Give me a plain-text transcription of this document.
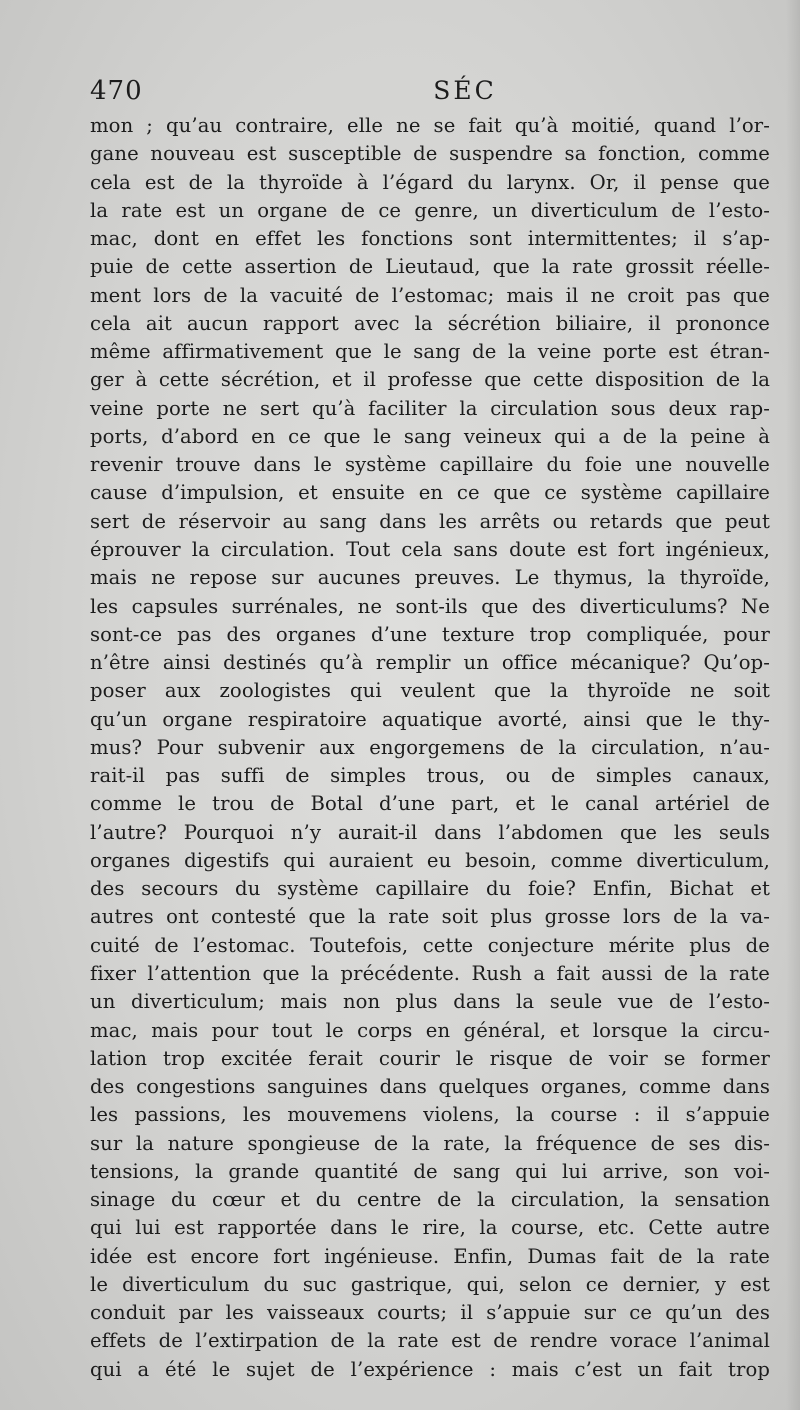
470	SÉC
mon ; qu’au contraire, elle ne se fait qu’à moitié, quand l’or-
gane nouveau est susceptible de suspendre sa fonction, comme
cela est de la thyroïde à l’égard du larynx. Or, il pense que
la rate est un organe de ce genre, un diverticulum de l’esto-
mac, dont en effet les fonctions sont intermittentes; il s’ap-
puie de cette assertion de Lieutaud, que la rate grossit réelle-
ment lors de la vacuité de l’estomac; mais il ne croit pas que
cela ait aucun rapport avec la sécrétion biliaire, il prononce
même affirmativement que le sang de la veine porte est étran-
ger à cette sécrétion, et il professe que cette disposition de la
veine porte ne sert qu’à faciliter la circulation sous deux rap-
ports, d’abord en ce que le sang veineux qui a de la peine à
revenir trouve dans le système capillaire du foie une nouvelle
cause d’impulsion, et ensuite en ce que ce système capillaire
sert de réservoir au sang dans les arrêts ou retards que peut
éprouver la circulation. Tout cela sans doute est fort ingénieux,
mais ne repose sur aucunes preuves. Le thymus, la thyroïde,
les capsules surrénales, ne sont-ils que des diverticulums? Ne
sont-ce pas des organes d’une texture trop compliquée, pour
n’être ainsi destinés qu’à remplir un office mécanique? Qu’op-
poser aux zoologistes qui veulent que la thyroïde ne soit
qu’un organe respiratoire aquatique avorté, ainsi que le thy-
mus? Pour subvenir aux engorgemens de la circulation, n’au-
rait-il pas suffi de simples trous, ou de simples canaux,
comme le trou de Botal d’une part, et le canal artériel de
l’autre? Pourquoi n’y aurait-il dans l’abdomen que les seuls
organes digestifs qui auraient eu besoin, comme diverticulum,
des secours du système capillaire du foie? Enfin, Bichat et
autres ont contesté que la rate soit plus grosse lors de la va-
cuité de l’estomac. Toutefois, cette conjecture mérite plus de
fixer l’attention que la précédente. Rush a fait aussi de la rate
un diverticulum; mais non plus dans la seule vue de l’esto-
mac, mais pour tout le corps en général, et lorsque la circu-
lation trop excitée ferait courir le risque de voir se former
des congestions sanguines dans quelques organes, comme dans
les passions, les mouvemens violens, la course : il s’appuie
sur la nature spongieuse de la rate, la fréquence de ses dis-
tensions, la grande quantité de sang qui lui arrive, son voi-
sinage du cœur et du centre de la circulation, la sensation
qui lui est rapportée dans le rire, la course, etc. Cette autre
idée est encore fort ingénieuse. Enfin, Dumas fait de la rate
le diverticulum du suc gastrique, qui, selon ce dernier, y est
conduit par les vaisseaux courts; il s’appuie sur ce qu’un des
effets de l’extirpation de la rate est de rendre vorace l’animal
qui a été le sujet de l’expérience : mais c’est un fait trop
